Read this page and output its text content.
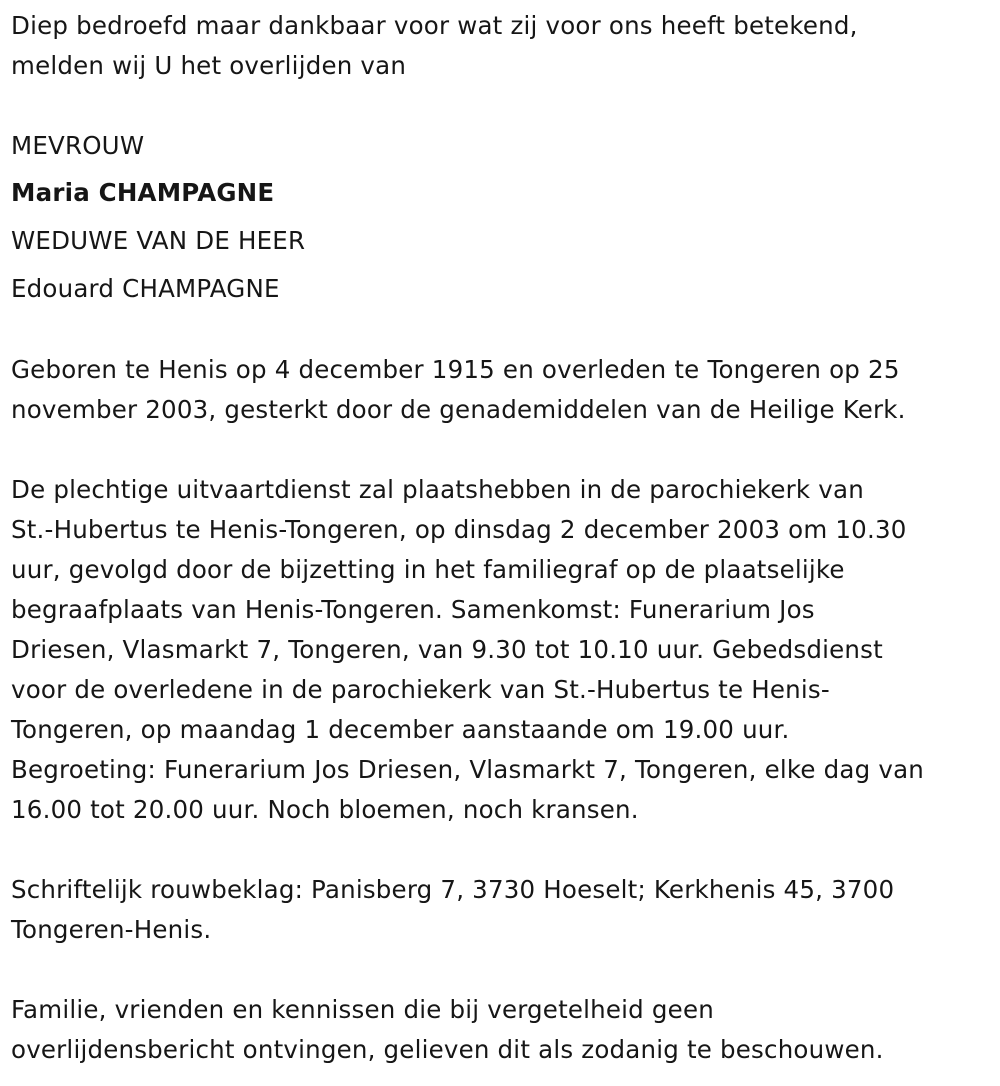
Diep bedroefd maar dankbaar voor wat zij voor ons heeft betekend,
melden wij U het overlijden van
MEVROUW
Maria CHAMPAGNE
WEDUWE VAN DE HEER
Edouard CHAMPAGNE
Geboren te Henis op 4 december 1915 en overleden te Tongeren op 25
november 2003, gesterkt door de genademiddelen van de Heilige Kerk.
De plechtige uitvaartdienst zal plaatshebben in de parochiekerk van
St.-Hubertus te Henis-Tongeren, op dinsdag 2 december 2003 om 10.30
uur, gevolgd door de bijzetting in het familiegraf op de plaatselijke
begraafplaats van Henis-Tongeren. Samenkomst: Funerarium Jos
Driesen, Vlasmarkt 7, Tongeren, van 9.30 tot 10.10 uur. Gebedsdienst
voor de overledene in de parochiekerk van St.-Hubertus te Henis-
Tongeren, op maandag 1 december aanstaande om 19.00 uur.
Begroeting: Funerarium Jos Driesen, Vlasmarkt 7, Tongeren, elke dag van
16.00 tot 20.00 uur. Noch bloemen, noch kransen.
Schriftelijk rouwbeklag: Panisberg 7, 3730 Hoeselt; Kerkhenis 45, 3700
Tongeren-Henis.
Familie, vrienden en kennissen die bij vergetelheid geen
overlijdensbericht ontvingen, gelieven dit als zodanig te beschouwen.
